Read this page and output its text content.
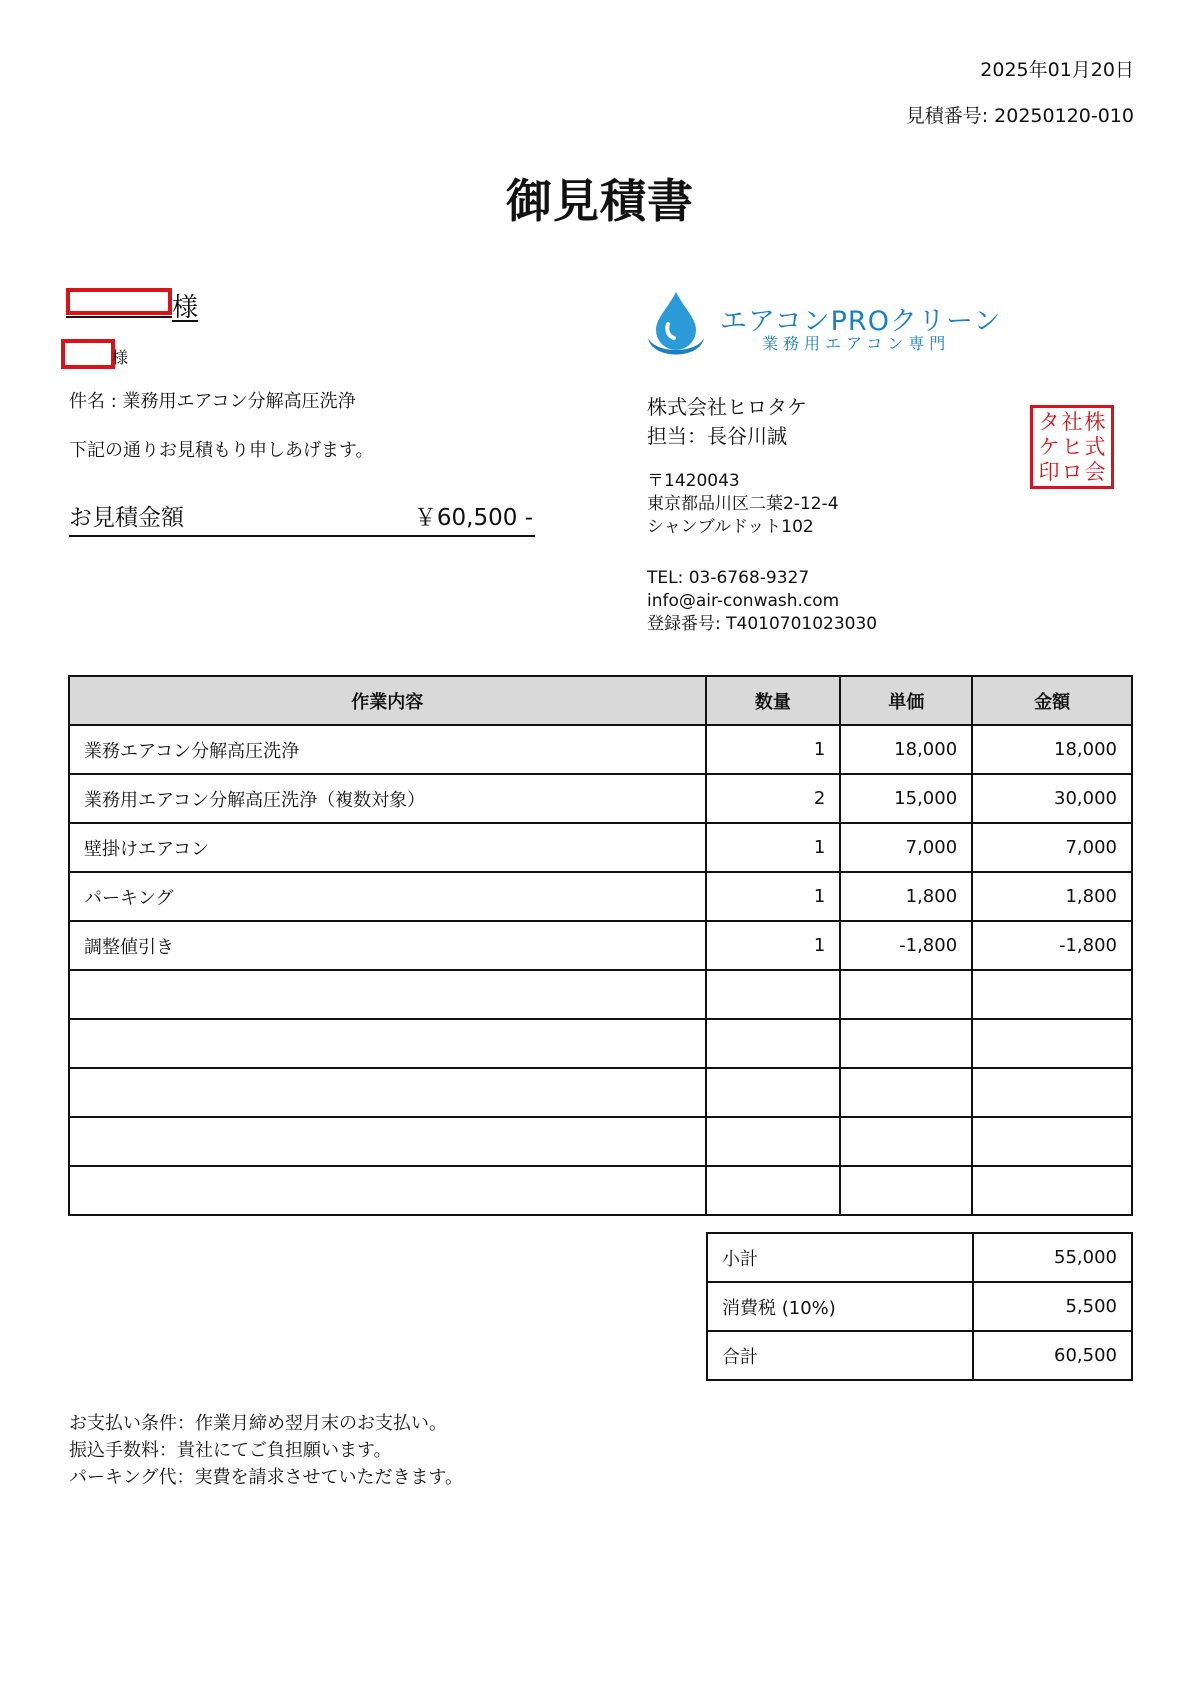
2025年01月20日
見積番号: 20250120-010
御見積書
様
様
件名 : 業務用エアコン分解高圧洗浄
下記の通りお見積もり申しあげます。
お見積金額	￥60,500 -
エアコンPROクリーン
業務用エアコン専門
株式会社ヒロタケ
担当：長谷川誠
〒1420043
東京都品川区二葉2-12-4
シャンブルドット102
TEL: 03-6768-9327
info@air-conwash.com
登録番号: T4010701023030
株
式
会
社
ヒ
ロ
タ
ケ
印
作業内容	数量	単価	金額
業務エアコン分解高圧洗浄	1	18,000	18,000
業務用エアコン分解高圧洗浄（複数対象）	2	15,000	30,000
壁掛けエアコン	1	7,000	7,000
パーキング	1	1,800	1,800
調整値引き	1	-1,800	-1,800

小計	55,000
消費税 (10%)	5,500
合計	60,500
お支払い条件：作業月締め翌月末のお支払い。
振込手数料：貴社にてご負担願います。
パーキング代：実費を請求させていただきます。
